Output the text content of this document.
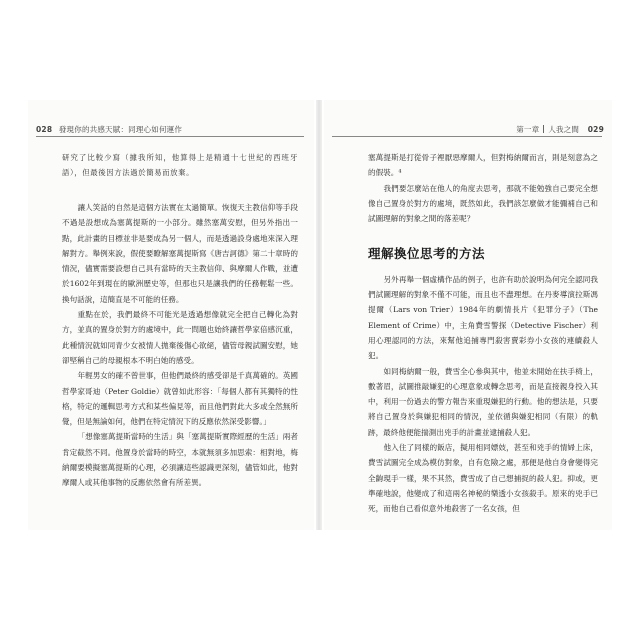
028 發現你的共感天賦：同理心如何運作	第一章 人我之間 029

研究了比較少寫（據我所知，他算得上是精通十七世紀的西班牙語），但最後因方法過於簡易而放棄。

讓人笑話的自然是這個方法實在太過簡單。恢復天主教信仰等手段不過是設想成為塞萬提斯的一小部分。雖然塞萬安慰，但另外指出一點，此計畫的目標並非是要成為另一個人，而是透過設身處地來深入理解對方。舉例來說，假使要瞭解塞萬提斯寫《唐吉訶德》第二十章時的情況，儘實需要設想自己具有當時的天主教信仰、與摩爾人作戰，並遭於1602年到現在的歐洲歷史等，但那也只是讓我們的任務輕鬆一些。換句話說，這簡直是不可能的任務。

重點在於，我們最終不可能光是透過想像就完全把自己轉化為對方，並真的置身於對方的處境中，此一問題也始終讓哲學家倍感沉重，此種情況就如同青少女被情人拋棄後傷心欲絕，儘管母親試圖安慰，她卻堅稱自己的母親根本不明白她的感受。

年輕男女的確不曾世事，但他們最終的感受卻是千真萬確的。英國哲學家哥迪（Peter Goldie）就曾如此形容：「每個人都有其獨特的性格，特定的邏輯思考方式和某些偏見等，而且他們對此大多或全然無所覺，但是無論如何，他們在特定情況下的反應依然深受影響。」

「想像塞萬提斯當時的生活」與「塞萬提斯實際經歷的生活」兩者肯定截然不同。他置身於當時的時空，本就無須多加思索：相對地，梅納爾要模擬塞萬提斯的心理，必須讓這些認識更深刻，儘管如此，他對摩爾人或其他事物的反應依然會有所差異。

塞萬提斯是打從骨子裡厭惡摩爾人，但對梅納爾而言，則是刻意為之的假裝。⁴

我們要怎麼站在他人的角度去思考，那就不能勉強自己要完全想像自己置身於對方的處境，既然如此，我們該怎麼做才能彌補自己和試圖理解的對象之間的落差呢？

理解換位思考的方法

另外再舉一個虛構作品的例子，也許有助於說明為何完全認同我們試圖理解的對象不僅不可能，而且也不盡理想。在丹麥導演拉斯馮提爾（Lars von Trier）1984年的劇情長片《犯罪分子》（The Element of Crime）中，主角費雪警探（Detective Fischer）利用心理認同的方法，來幫他追捕專門殺害賣彩券小女孩的連續殺人犯。

如同梅納爾一般，費雪全心參與其中，他並未開始在扶手椅上，數著眉，試圖推敲嫌犯的心理意象或轉念思考，而是直接親身投入其中，利用一份過去的警方報告來重現嫌犯的行動。他的想法是，只要將自己置身於與嫌犯相同的情況，並依循與嫌犯相同（有限）的軌跡，最終他便能揣測出兇手的計畫並逮捕殺人犯。

他入住了同樣的飯店，擬用相同嫖妓，甚至和兇手的情婦上床，費雪試圖完全成為模仿對象，自有危險之處，那便是他自身會變得完全齣現手一樣，果不其然，費雪成了自己想捕捉的殺人犯。抑或，更準確地說，他變成了和這兩名神秘的樂透小女孩殺手。原來的兇手已死，而他自己看似意外地殺害了一名女孩，但
